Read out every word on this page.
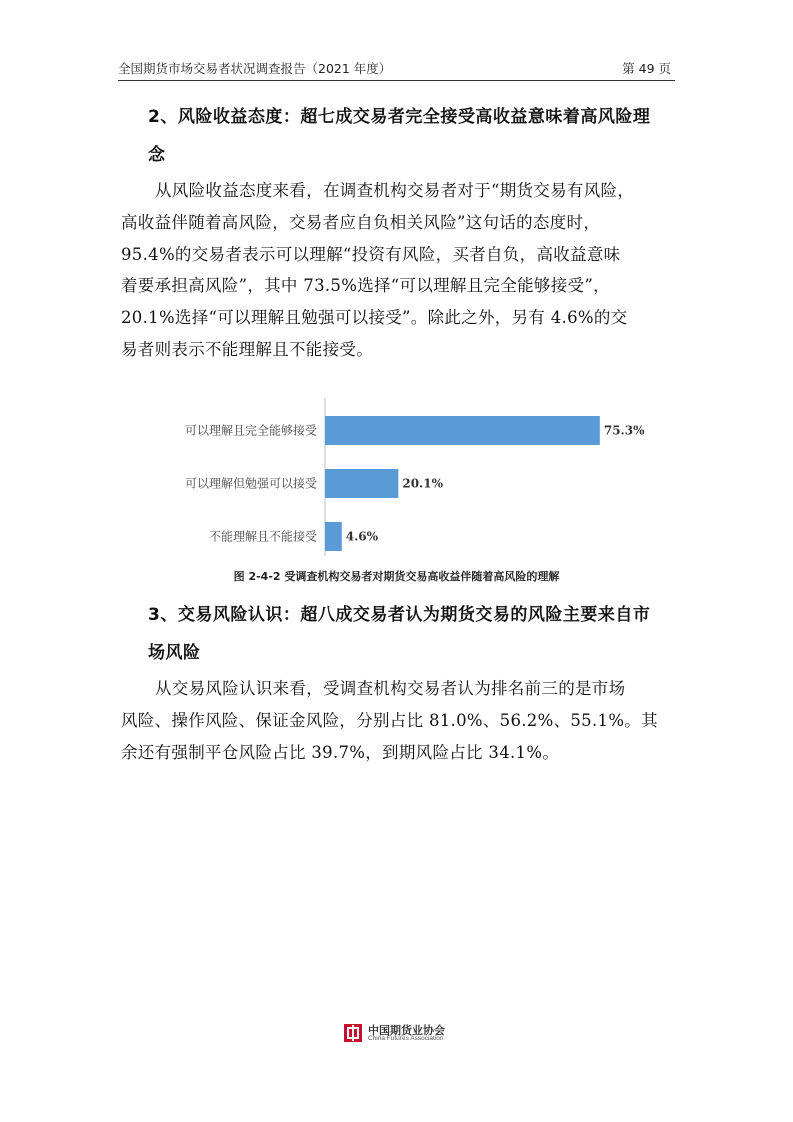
全国期货市场交易者状况调查报告（2021 年度）	第 49 页
2、风险收益态度：超七成交易者完全接受高收益意味着高风险理
念
从风险收益态度来看，在调查机构交易者对于“期货交易有风险，
高收益伴随着高风险，交易者应自负相关风险”这句话的态度时，
95.4%的交易者表示可以理解“投资有风险，买者自负，高收益意味
着要承担高风险”，其中 73.5%选择“可以理解且完全能够接受”，
20.1%选择“可以理解且勉强可以接受”。除此之外，另有 4.6%的交
易者则表示不能理解且不能接受。
可以理解且完全能够接受	75.3%
可以理解但勉强可以接受	20.1%
不能理解且不能接受 4.6%
图 2-4-2 受调查机构交易者对期货交易高收益伴随着高风险的理解
3、交易风险认识：超八成交易者认为期货交易的风险主要来自市
场风险
从交易风险认识来看，受调查机构交易者认为排名前三的是市场
风险、操作风险、保证金风险，分别占比 81.0%、56.2%、55.1%。其
余还有强制平仓风险占比 39.7%，到期风险占比 34.1%。
中国期货业协会
China Futures Association
